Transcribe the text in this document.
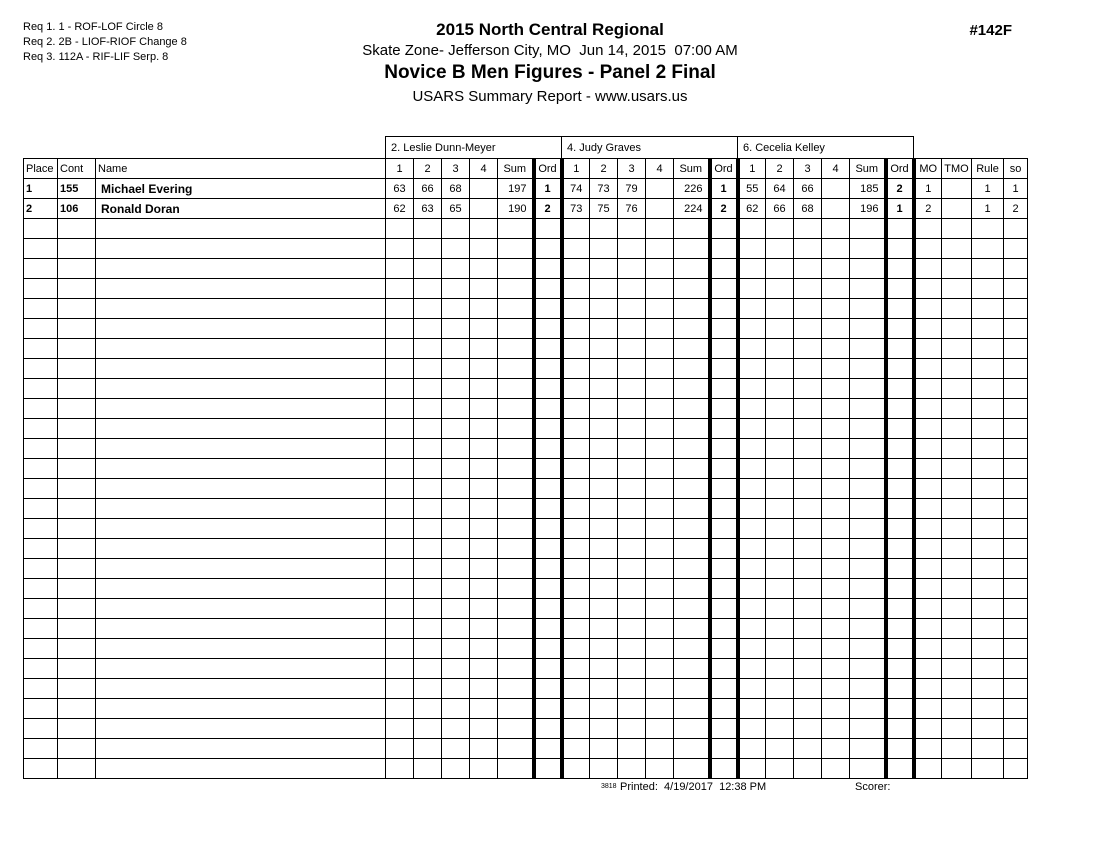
Req 1. 1 - ROF-LOF Circle 8
Req 2. 2B - LIOF-RIOF Change 8
Req 3. 112A - RIF-LIF Serp. 8
2015 North Central Regional
Skate Zone- Jefferson City, MO  Jun 14, 2015  07:00 AM
Novice B Men Figures - Panel 2 Final
USARS Summary Report - www.usars.us
#142F
			2. Leslie Dunn-Meyer						4. Judy Graves						6. Cecelia Kelley									
Place	Cont	Name	1	2	3	4	Sum	Ord	1	2	3	4	Sum	Ord	1	2	3	4	Sum	Ord	MO	TMO	Rule	so
1	155	Michael Evering	63	66	68		197	1	74	73	79		226	1	55	64	66		185	2	1		1	1
2	106	Ronald Doran	62	63	65		190	2	73	75	76		224	2	62	66	68		196	1	2		1	2

3818 Printed:  4/19/2017  12:38 PM	Scorer:
